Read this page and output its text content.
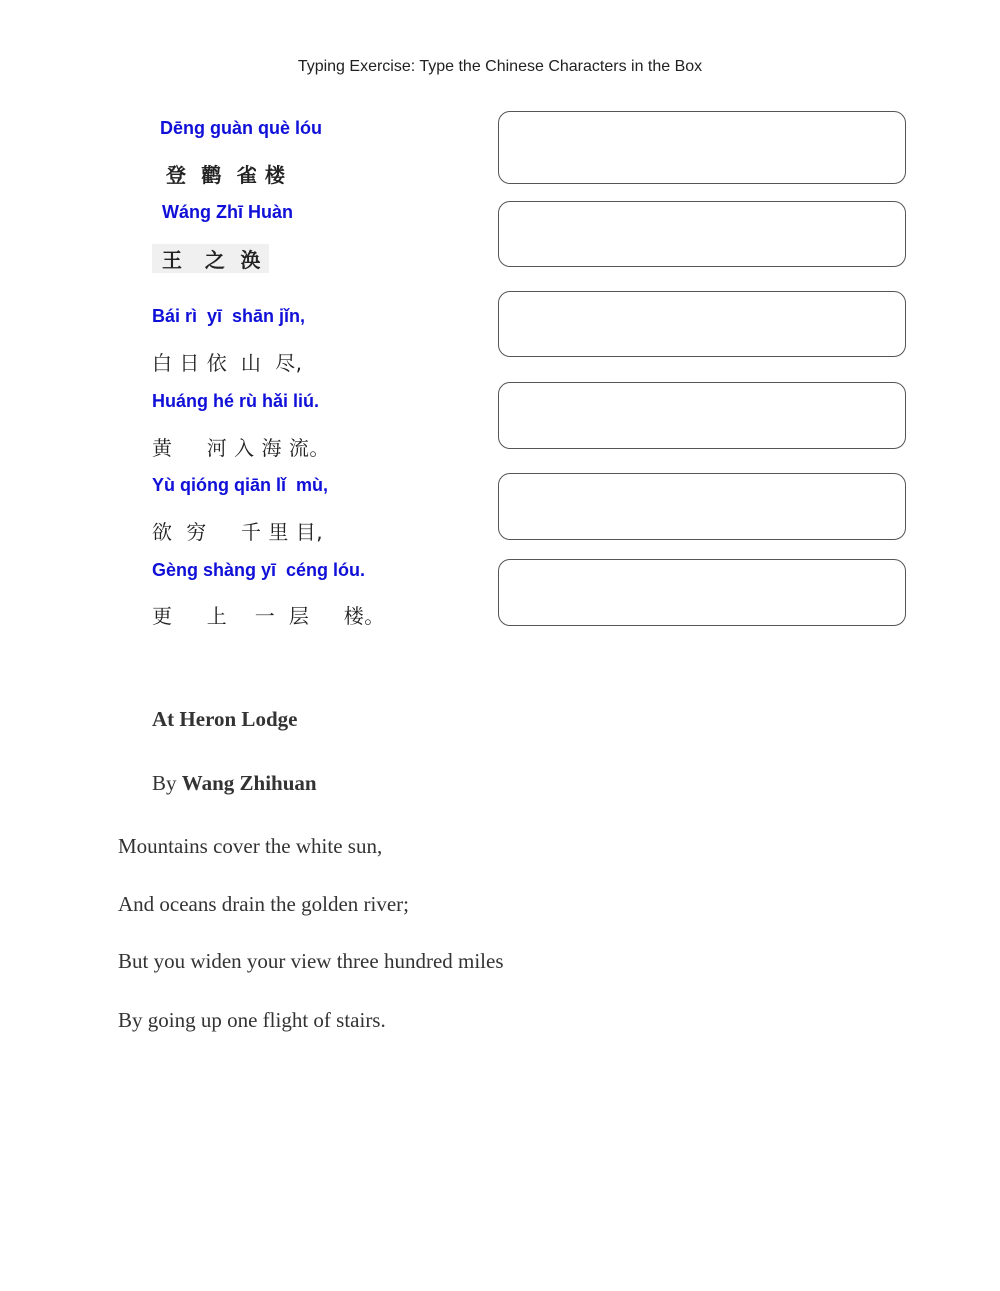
Typing Exercise: Type the Chinese Characters in the Box
Dēng guàn què lóu
登  鹳  雀 楼
Wáng Zhī Huàn
王   之  涣
Bái rì  yī  shān jǐn,
白 日 依  山  尽,
Huáng hé rù hǎi liú.
黄     河 入 海 流。
Yù qióng qiān lǐ  mù,
欲  穷     千 里 目,
Gèng shàng yī  céng lóu.
更     上    一  层     楼。
At Heron Lodge
By Wang Zhihuan
Mountains cover the white sun,
And oceans drain the golden river;
But you widen your view three hundred miles
By going up one flight of stairs.
